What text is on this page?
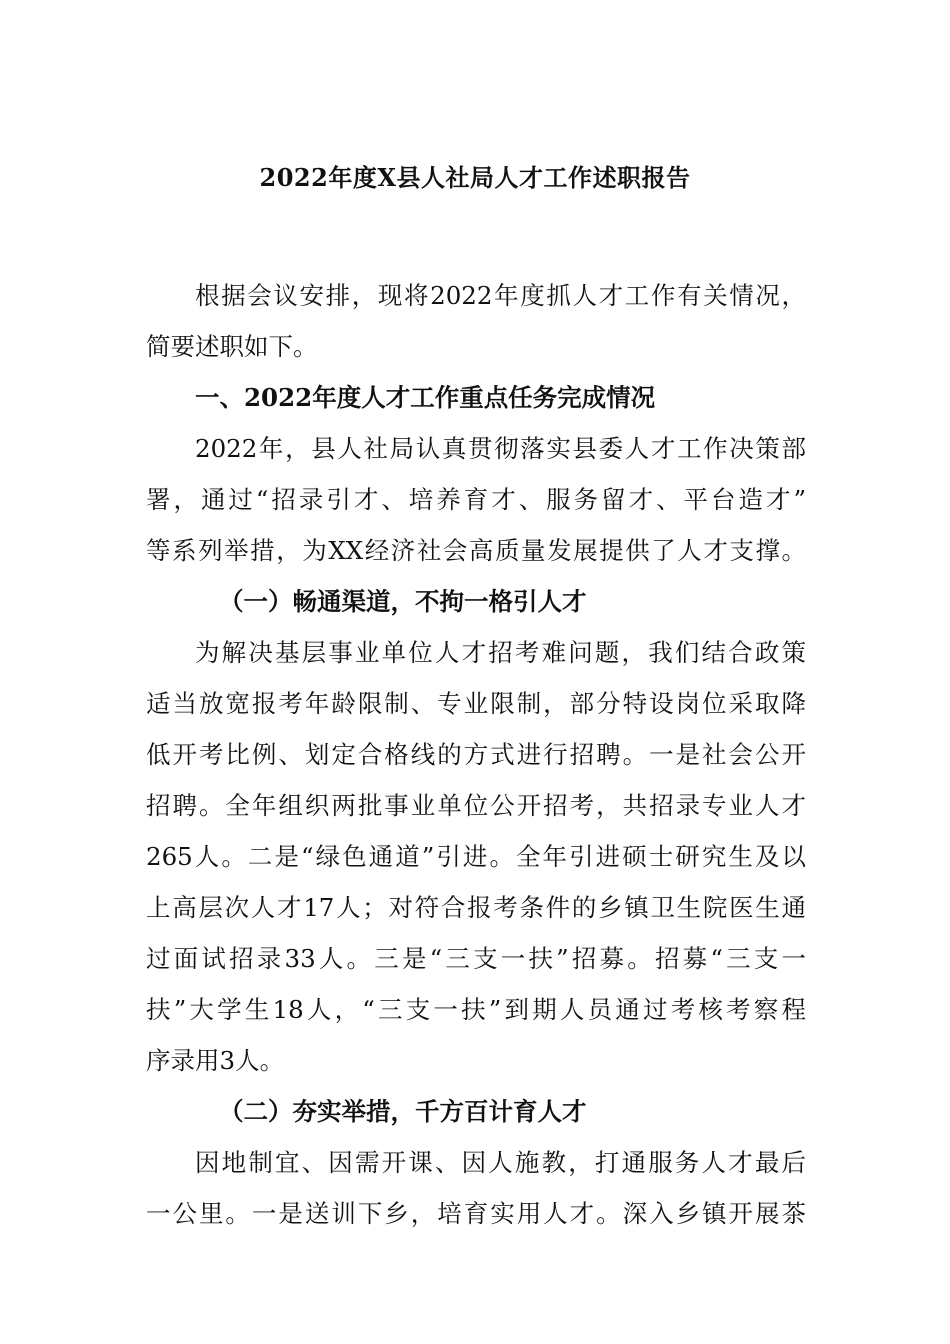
2022年度X县人社局人才工作述职报告
根据会议安排，现将2022年度抓人才工作有关情况，
简要述职如下。
一、2022年度人才工作重点任务完成情况
2022年，县人社局认真贯彻落实县委人才工作决策部
署，通过“招录引才、培养育才、服务留才、平台造才”
等系列举措，为XX经济社会高质量发展提供了人才支撑。
（一）畅通渠道，不拘一格引人才
为解决基层事业单位人才招考难问题，我们结合政策
适当放宽报考年龄限制、专业限制，部分特设岗位采取降
低开考比例、划定合格线的方式进行招聘。一是社会公开
招聘。全年组织两批事业单位公开招考，共招录专业人才
265人。二是“绿色通道”引进。全年引进硕士研究生及以
上高层次人才17人；对符合报考条件的乡镇卫生院医生通
过面试招录33人。三是“三支一扶”招募。招募“三支一
扶”大学生18人，“三支一扶”到期人员通过考核考察程
序录用3人。
（二）夯实举措，千方百计育人才
因地制宜、因需开课、因人施教，打通服务人才最后
一公里。一是送训下乡，培育实用人才。深入乡镇开展茶
